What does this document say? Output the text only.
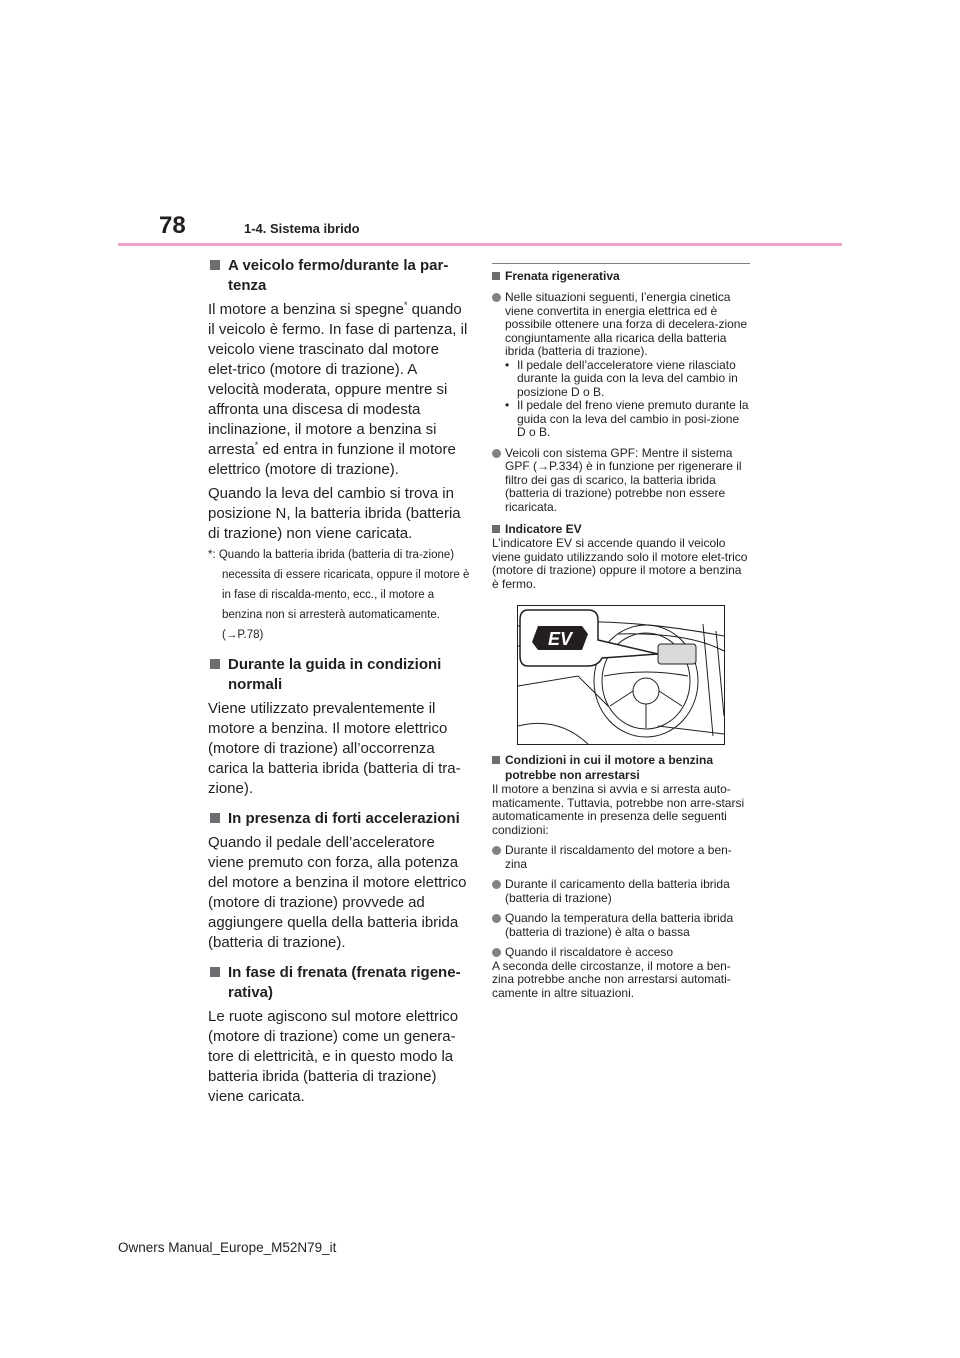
78	1-4. Sistema ibrido
A veicolo fermo/durante la par-tenza
Il motore a benzina si spegne* quando il veicolo è fermo. In fase di partenza, il veicolo viene trascinato dal motore elet-trico (motore di trazione). A velocità moderata, oppure mentre si affronta una discesa di modesta inclinazione, il motore a benzina si arresta* ed entra in funzione il motore elettrico (motore di trazione).
Quando la leva del cambio si trova in posizione N, la batteria ibrida (batteria di trazione) non viene caricata.
*: Quando la batteria ibrida (batteria di tra-zione) necessita di essere ricaricata, oppure il motore è in fase di riscalda-mento, ecc., il motore a benzina non si arresterà automaticamente. (→P.78)
Durante la guida in condizioni normali
Viene utilizzato prevalentemente il motore a benzina. Il motore elettrico (motore di trazione) all’occorrenza carica la batteria ibrida (batteria di tra-zione).
In presenza di forti accelerazioni
Quando il pedale dell’acceleratore viene premuto con forza, alla potenza del motore a benzina il motore elettrico (motore di trazione) provvede ad aggiungere quella della batteria ibrida (batteria di trazione).
In fase di frenata (frenata rigene-rativa)
Le ruote agiscono sul motore elettrico (motore di trazione) come un genera-tore di elettricità, e in questo modo la batteria ibrida (batteria di trazione) viene caricata.
Frenata rigenerativa
Nelle situazioni seguenti, l’energia cinetica viene convertita in energia elettrica ed è possibile ottenere una forza di decelera-zione congiuntamente alla ricarica della batteria ibrida (batteria di trazione).
• Il pedale dell’acceleratore viene rilasciato durante la guida con la leva del cambio in posizione D o B.
• Il pedale del freno viene premuto durante la guida con la leva del cambio in posi-zione D o B.
Veicoli con sistema GPF: Mentre il sistema GPF (→P.334) è in funzione per rigenerare il filtro dei gas di scarico, la batteria ibrida (batteria di trazione) potrebbe non essere ricaricata.
Indicatore EV
L’indicatore EV si accende quando il veicolo viene guidato utilizzando solo il motore elet-trico (motore di trazione) oppure il motore a benzina è fermo.
EV
Condizioni in cui il motore a benzina potrebbe non arrestarsi
Il motore a benzina si avvia e si arresta auto-maticamente. Tuttavia, potrebbe non arre-starsi automaticamente in presenza delle seguenti condizioni:
Durante il riscaldamento del motore a ben-zina
Durante il caricamento della batteria ibrida (batteria di trazione)
Quando la temperatura della batteria ibrida (batteria di trazione) è alta o bassa
Quando il riscaldatore è acceso
A seconda delle circostanze, il motore a ben-zina potrebbe anche non arrestarsi automati-camente in altre situazioni.
Owners Manual_Europe_M52N79_it
